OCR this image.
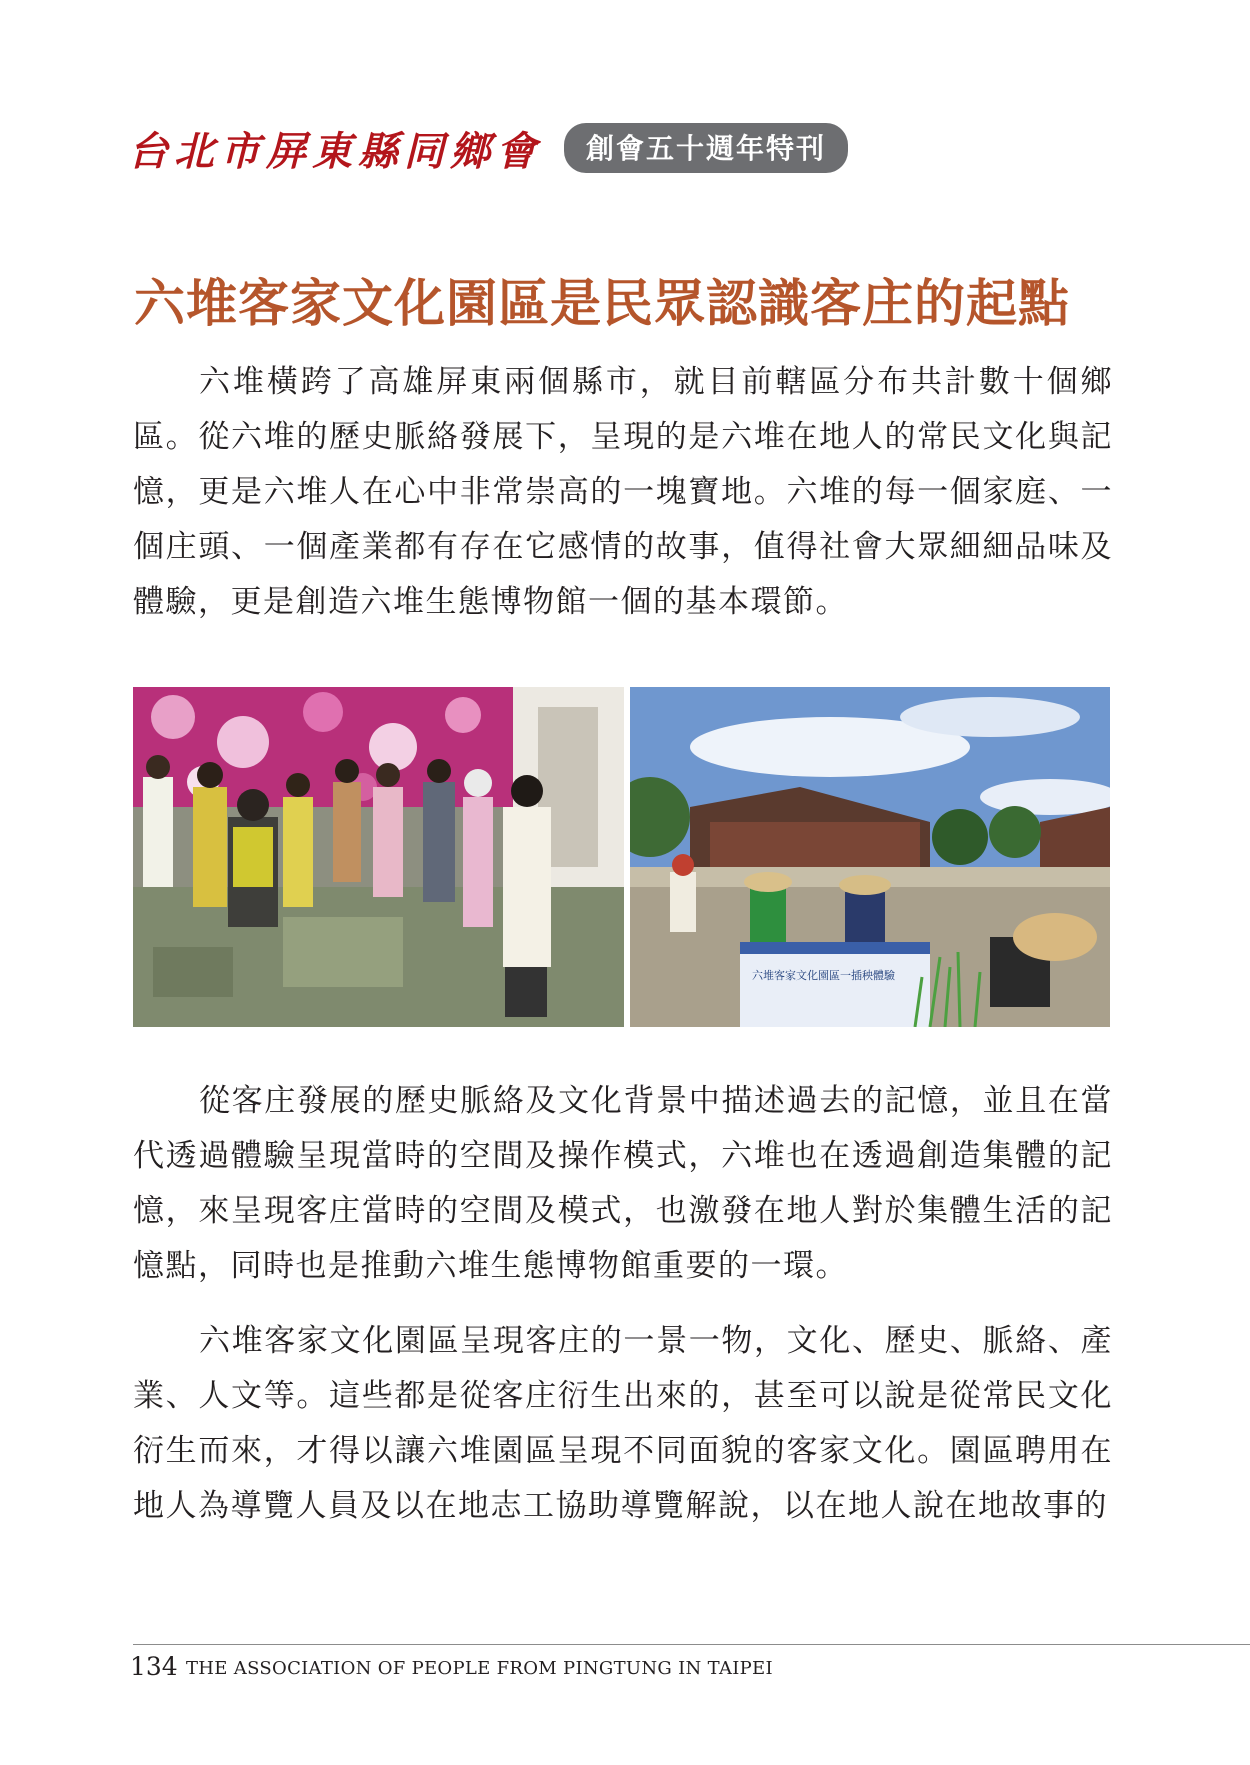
台北市屏東縣同鄉會	創會五十週年特刊
六堆客家文化園區是民眾認識客庄的起點

六堆橫跨了高雄屏東兩個縣市，就目前轄區分布共計數十個鄉區。從六堆的歷史脈絡發展下，呈現的是六堆在地人的常民文化與記憶，更是六堆人在心中非常崇高的一塊寶地。六堆的每一個家庭、一個庄頭、一個產業都有存在它感情的故事，值得社會大眾細細品味及體驗，更是創造六堆生態博物館一個的基本環節。

六堆客家文化園區一插秧體驗

從客庄發展的歷史脈絡及文化背景中描述過去的記憶，並且在當代透過體驗呈現當時的空間及操作模式，六堆也在透過創造集體的記憶，來呈現客庄當時的空間及模式，也激發在地人對於集體生活的記憶點，同時也是推動六堆生態博物館重要的一環。

六堆客家文化園區呈現客庄的一景一物，文化、歷史、脈絡、產業、人文等。這些都是從客庄衍生出來的，甚至可以說是從常民文化衍生而來，才得以讓六堆園區呈現不同面貌的客家文化。園區聘用在地人為導覽人員及以在地志工協助導覽解說，以在地人說在地故事的

134 THE ASSOCIATION OF PEOPLE FROM PINGTUNG IN TAIPEI
